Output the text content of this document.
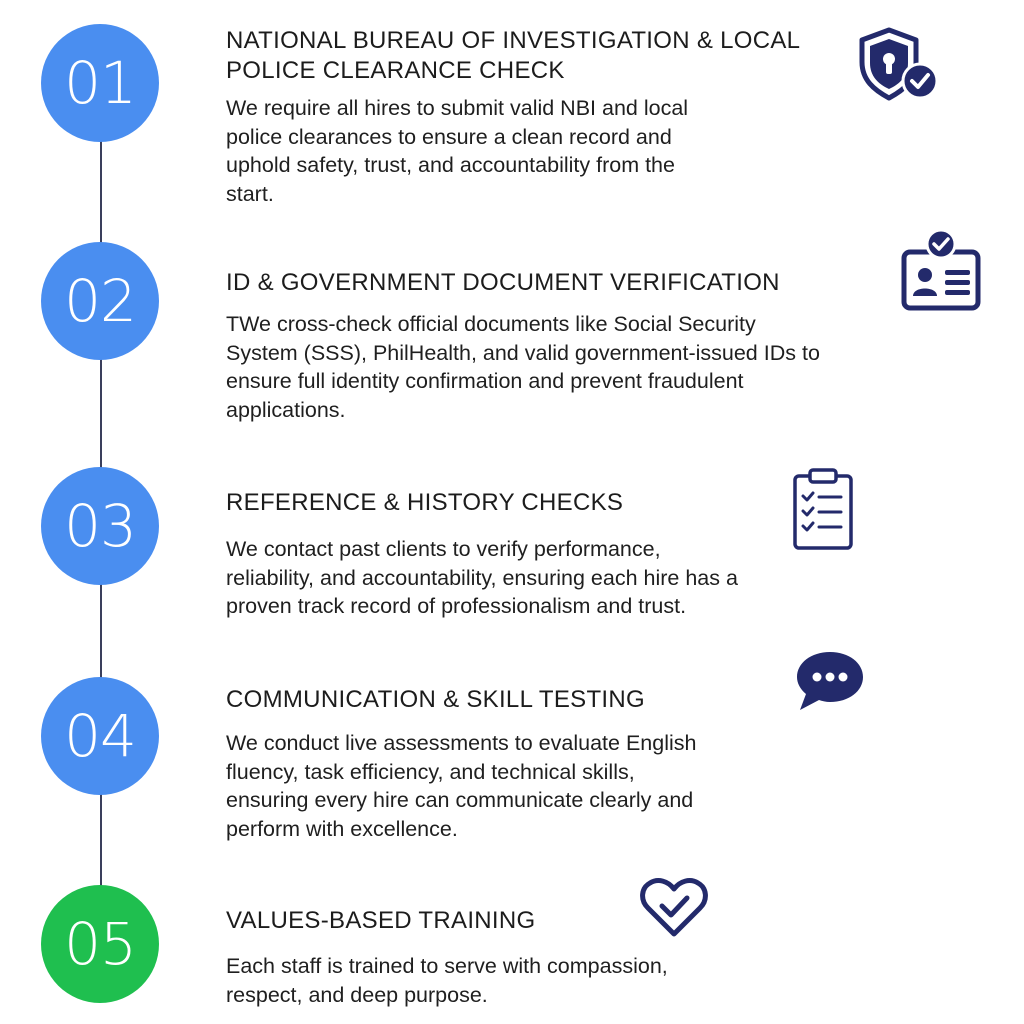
01
NATIONAL BUREAU OF INVESTIGATION & LOCAL
POLICE CLEARANCE CHECK
We require all hires to submit valid NBI and local
police clearances to ensure a clean record and
uphold safety, trust, and accountability from the
start.
02	ID & GOVERNMENT DOCUMENT VERIFICATION
TWe cross-check official documents like Social Security
System (SSS), PhilHealth, and valid government-issued IDs to
ensure full identity confirmation and prevent fraudulent
applications.
03	REFERENCE & HISTORY CHECKS
We contact past clients to verify performance,
reliability, and accountability, ensuring each hire has a
proven track record of professionalism and trust.
04
COMMUNICATION & SKILL TESTING
We conduct live assessments to evaluate English
fluency, task efficiency, and technical skills,
ensuring every hire can communicate clearly and
perform with excellence.
05	VALUES-BASED TRAINING
Each staff is trained to serve with compassion,
respect, and deep purpose.
